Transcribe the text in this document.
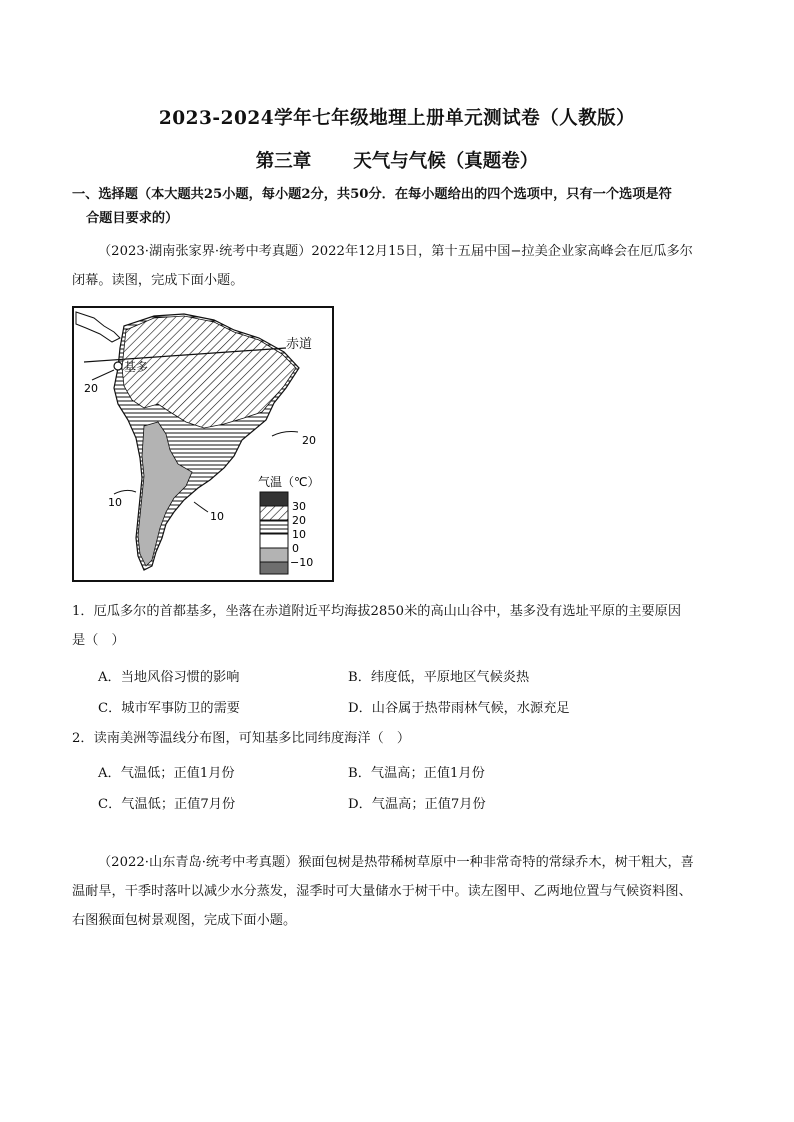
2023-2024学年七年级地理上册单元测试卷（人教版）
第三章 天气与气候（真题卷）
一、选择题（本大题共25小题，每小题2分，共50分．在每小题给出的四个选项中，只有一个选项是符
合题目要求的）
（2023·湖南张家界·统考中考真题）2022年12月15日，第十五届中国−拉美企业家高峰会在厄瓜多尔
闭幕。读图，完成下面小题。
赤道
基多
20
20
10
10
气温（℃）
30
20
10
0
−10
1．厄瓜多尔的首都基多，坐落在赤道附近平均海拔2850米的高山山谷中，基多没有选址平原的主要原因
是（　）
A．当地风俗习惯的影响	B．纬度低，平原地区气候炎热
C．城市军事防卫的需要	D．山谷属于热带雨林气候，水源充足
2．读南美洲等温线分布图，可知基多比同纬度海洋（　）
A．气温低；正值1月份	B．气温高；正值1月份
C．气温低；正值7月份	D．气温高；正值7月份
（2022·山东青岛·统考中考真题）猴面包树是热带稀树草原中一种非常奇特的常绿乔木，树干粗大，喜
温耐旱，干季时落叶以减少水分蒸发，湿季时可大量储水于树干中。读左图甲、乙两地位置与气候资料图、
右图猴面包树景观图，完成下面小题。
